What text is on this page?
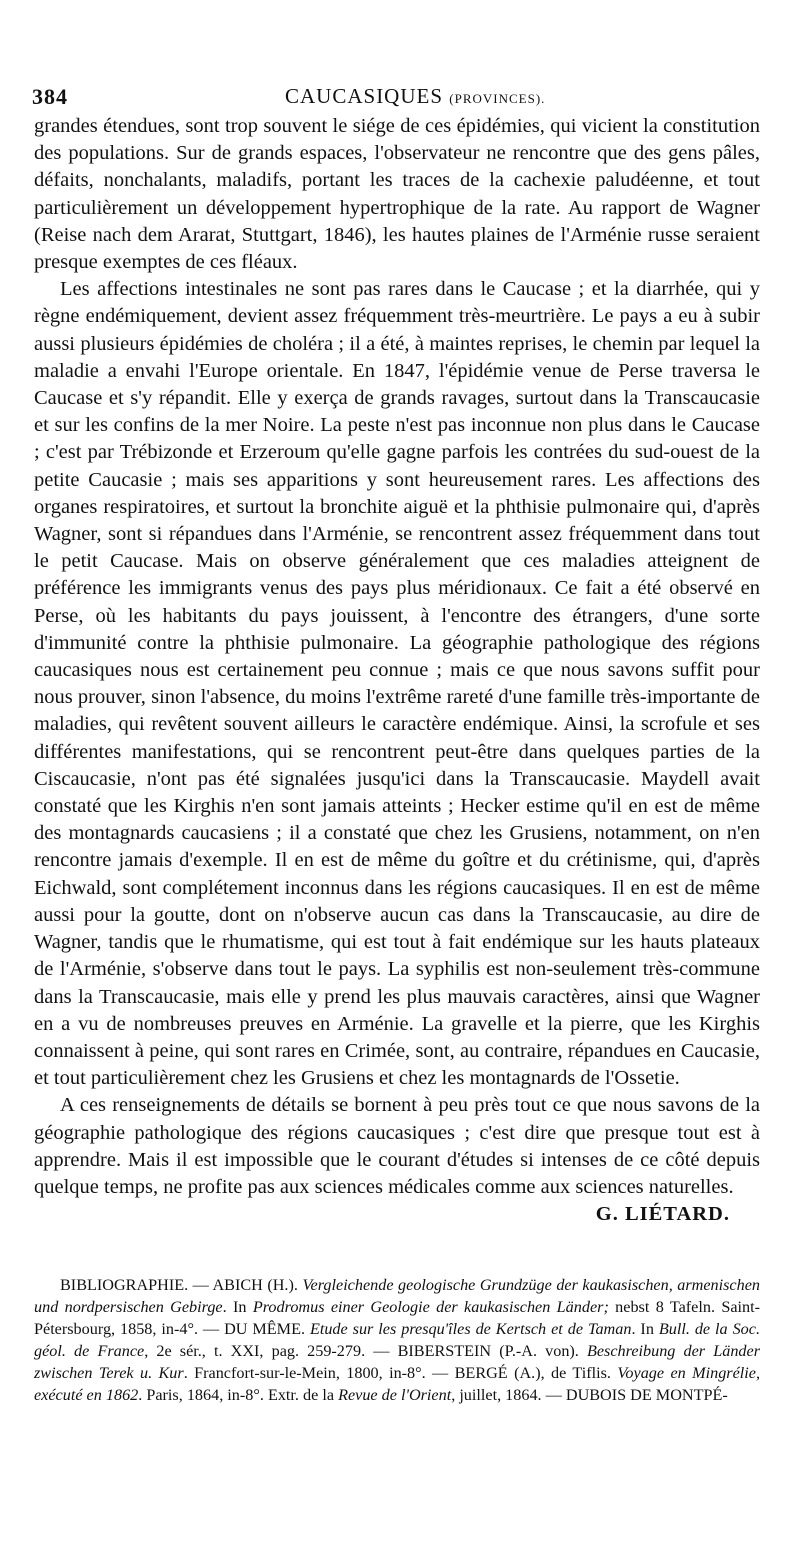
384	CAUCASIQUES (PROVINCES).

grandes étendues, sont trop souvent le siége de ces épidémies, qui vicient la constitution des populations. Sur de grands espaces, l'observateur ne rencontre que des gens pâles, défaits, nonchalants, maladifs, portant les traces de la cachexie paludéenne, et tout particulièrement un développement hypertrophique de la rate. Au rapport de Wagner (Reise nach dem Ararat, Stuttgart, 1846), les hautes plaines de l'Arménie russe seraient presque exemptes de ces fléaux.

Les affections intestinales ne sont pas rares dans le Caucase ; et la diarrhée, qui y règne endémiquement, devient assez fréquemment très-meurtrière. Le pays a eu à subir aussi plusieurs épidémies de choléra ; il a été, à maintes reprises, le chemin par lequel la maladie a envahi l'Europe orientale. En 1847, l'épidémie venue de Perse traversa le Caucase et s'y répandit. Elle y exerça de grands ravages, surtout dans la Transcaucasie et sur les confins de la mer Noire. La peste n'est pas inconnue non plus dans le Caucase ; c'est par Trébizonde et Erzeroum qu'elle gagne parfois les contrées du sud-ouest de la petite Caucasie ; mais ses apparitions y sont heureusement rares. Les affections des organes respiratoires, et surtout la bronchite aiguë et la phthisie pulmonaire qui, d'après Wagner, sont si répandues dans l'Arménie, se rencontrent assez fréquemment dans tout le petit Caucase. Mais on observe généralement que ces maladies atteignent de préférence les immigrants venus des pays plus méridionaux. Ce fait a été observé en Perse, où les habitants du pays jouissent, à l'encontre des étrangers, d'une sorte d'immunité contre la phthisie pulmonaire. La géographie pathologique des régions caucasiques nous est certainement peu connue ; mais ce que nous savons suffit pour nous prouver, sinon l'absence, du moins l'extrême rareté d'une famille très-importante de maladies, qui revêtent souvent ailleurs le caractère endémique. Ainsi, la scrofule et ses différentes manifestations, qui se rencontrent peut-être dans quelques parties de la Ciscaucasie, n'ont pas été signalées jusqu'ici dans la Transcaucasie. Maydell avait constaté que les Kirghis n'en sont jamais atteints ; Hecker estime qu'il en est de même des montagnards caucasiens ; il a constaté que chez les Grusiens, notamment, on n'en rencontre jamais d'exemple. Il en est de même du goître et du crétinisme, qui, d'après Eichwald, sont complétement inconnus dans les régions caucasiques. Il en est de même aussi pour la goutte, dont on n'observe aucun cas dans la Transcaucasie, au dire de Wagner, tandis que le rhumatisme, qui est tout à fait endémique sur les hauts plateaux de l'Arménie, s'observe dans tout le pays. La syphilis est non-seulement très-commune dans la Transcaucasie, mais elle y prend les plus mauvais caractères, ainsi que Wagner en a vu de nombreuses preuves en Arménie. La gravelle et la pierre, que les Kirghis connaissent à peine, qui sont rares en Crimée, sont, au contraire, répandues en Caucasie, et tout particulièrement chez les Grusiens et chez les montagnards de l'Ossetie.

A ces renseignements de détails se bornent à peu près tout ce que nous savons de la géographie pathologique des régions caucasiques ; c'est dire que presque tout est à apprendre. Mais il est impossible que le courant d'études si intenses de ce côté depuis quelque temps, ne profite pas aux sciences médicales comme aux sciences naturelles.

G. LIÉTARD.

BIBLIOGRAPHIE. — ABICH (H.). Vergleichende geologische Grundzüge der kaukasischen, armenischen und nordpersischen Gebirge. In Prodromus einer Geologie der kaukasischen Länder; nebst 8 Tafeln. Saint-Pétersbourg, 1858, in-4°. — DU MÊME. Etude sur les presqu'îles de Kertsch et de Taman. In Bull. de la Soc. géol. de France, 2e sér., t. XXI, pag. 259-279. — BIBERSTEIN (P.-A. von). Beschreibung der Länder zwischen Terek u. Kur. Francfort-sur-le-Mein, 1800, in-8°. — BERGÉ (A.), de Tiflis. Voyage en Mingrélie, exécuté en 1862. Paris, 1864, in-8°. Extr. de la Revue de l'Orient, juillet, 1864. — DUBOIS DE MONTPÉ-
